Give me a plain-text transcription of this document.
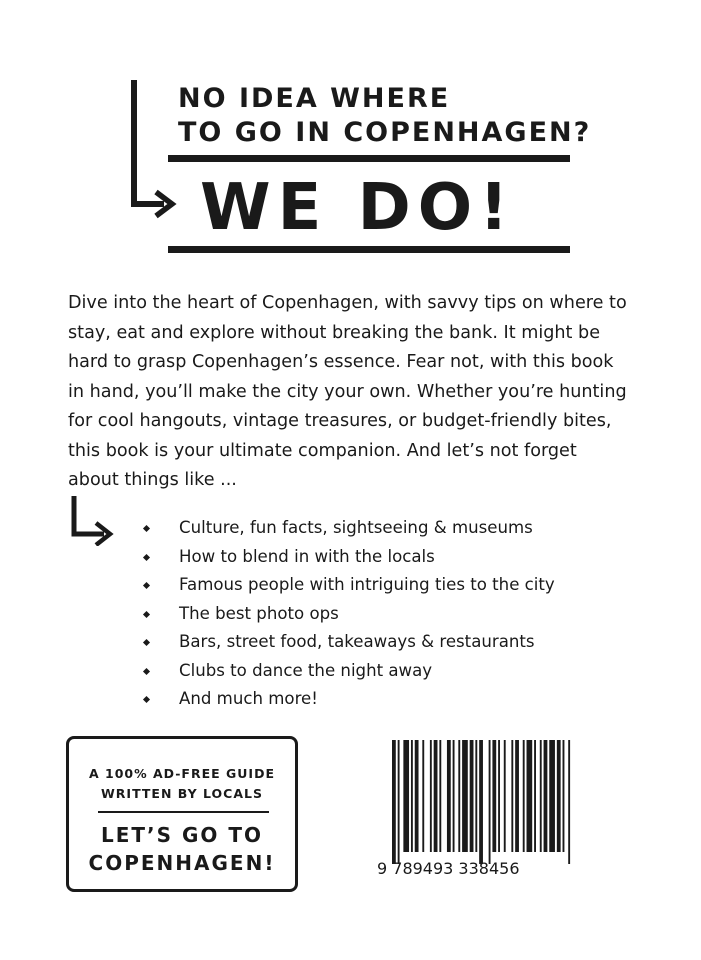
NO IDEA WHERE
TO GO IN COPENHAGEN?
WE DO!
Dive into the heart of Copenhagen, with savvy tips on where to stay, eat and explore without breaking the bank. It might be hard to grasp Copenhagen’s essence. Fear not, with this book in hand, you’ll make the city your own. Whether you’re hunting for cool hangouts, vintage treasures, or budget-friendly bites, this book is your ultimate companion. And let’s not forget about things like ...
Culture, fun facts, sightseeing & museums
How to blend in with the locals
Famous people with intriguing ties to the city
The best photo ops
Bars, street food, takeaways & restaurants
Clubs to dance the night away
And much more!
A 100% AD-FREE GUIDE
WRITTEN BY LOCALS
LET’S GO TO
COPENHAGEN!	9 789493 338456
